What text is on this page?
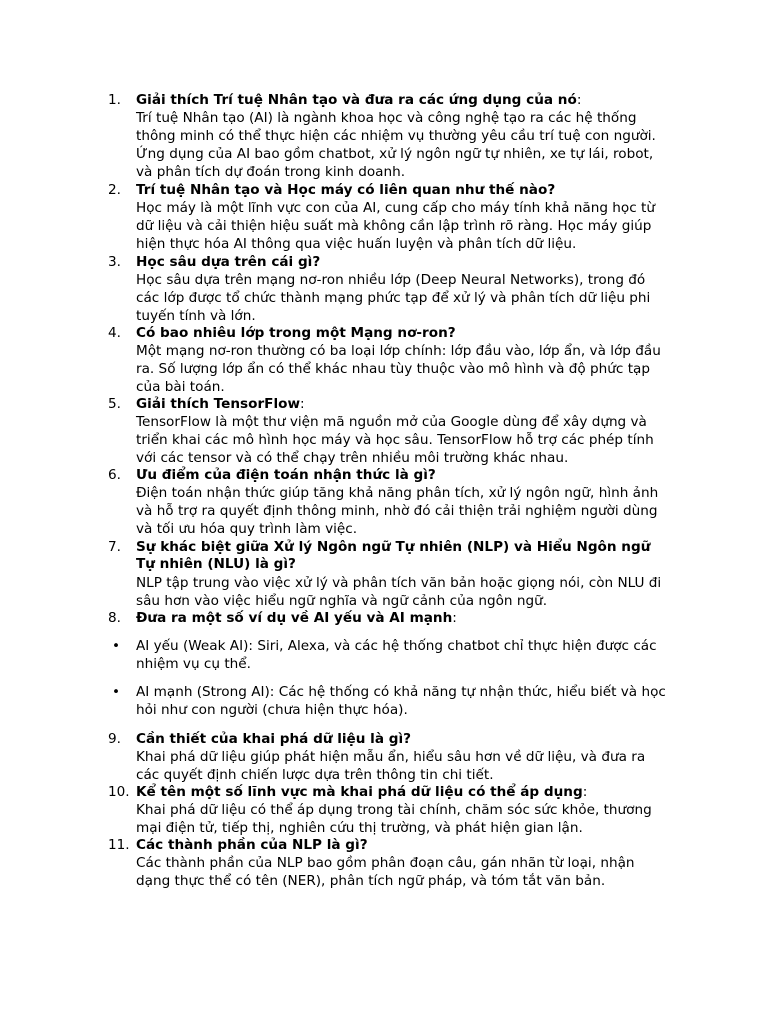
1.	Giải thích Trí tuệ Nhân tạo và đưa ra các ứng dụng của nó:
Trí tuệ Nhân tạo (AI) là ngành khoa học và công nghệ tạo ra các hệ thống
thông minh có thể thực hiện các nhiệm vụ thường yêu cầu trí tuệ con người.
Ứng dụng của AI bao gồm chatbot, xử lý ngôn ngữ tự nhiên, xe tự lái, robot,
và phân tích dự đoán trong kinh doanh.
2.	Trí tuệ Nhân tạo và Học máy có liên quan như thế nào?
Học máy là một lĩnh vực con của AI, cung cấp cho máy tính khả năng học từ
dữ liệu và cải thiện hiệu suất mà không cần lập trình rõ ràng. Học máy giúp
hiện thực hóa AI thông qua việc huấn luyện và phân tích dữ liệu.
3.	Học sâu dựa trên cái gì?
Học sâu dựa trên mạng nơ-ron nhiều lớp (Deep Neural Networks), trong đó
các lớp được tổ chức thành mạng phức tạp để xử lý và phân tích dữ liệu phi
tuyến tính và lớn.
4.	Có bao nhiêu lớp trong một Mạng nơ-ron?
Một mạng nơ-ron thường có ba loại lớp chính: lớp đầu vào, lớp ẩn, và lớp đầu
ra. Số lượng lớp ẩn có thể khác nhau tùy thuộc vào mô hình và độ phức tạp
của bài toán.
5.	Giải thích TensorFlow:
TensorFlow là một thư viện mã nguồn mở của Google dùng để xây dựng và
triển khai các mô hình học máy và học sâu. TensorFlow hỗ trợ các phép tính
với các tensor và có thể chạy trên nhiều môi trường khác nhau.
6.	Ưu điểm của điện toán nhận thức là gì?
Điện toán nhận thức giúp tăng khả năng phân tích, xử lý ngôn ngữ, hình ảnh
và hỗ trợ ra quyết định thông minh, nhờ đó cải thiện trải nghiệm người dùng
và tối ưu hóa quy trình làm việc.
7.	Sự khác biệt giữa Xử lý Ngôn ngữ Tự nhiên (NLP) và Hiểu Ngôn ngữ
Tự nhiên (NLU) là gì?
NLP tập trung vào việc xử lý và phân tích văn bản hoặc giọng nói, còn NLU đi
sâu hơn vào việc hiểu ngữ nghĩa và ngữ cảnh của ngôn ngữ.
8.	Đưa ra một số ví dụ về AI yếu và AI mạnh:
• AI yếu (Weak AI): Siri, Alexa, và các hệ thống chatbot chỉ thực hiện được các
nhiệm vụ cụ thể.
• AI mạnh (Strong AI): Các hệ thống có khả năng tự nhận thức, hiểu biết và học
hỏi như con người (chưa hiện thực hóa).
9.	Cần thiết của khai phá dữ liệu là gì?
Khai phá dữ liệu giúp phát hiện mẫu ẩn, hiểu sâu hơn về dữ liệu, và đưa ra
các quyết định chiến lược dựa trên thông tin chi tiết.
10. Kể tên một số lĩnh vực mà khai phá dữ liệu có thể áp dụng:
Khai phá dữ liệu có thể áp dụng trong tài chính, chăm sóc sức khỏe, thương
mại điện tử, tiếp thị, nghiên cứu thị trường, và phát hiện gian lận.
11. Các thành phần của NLP là gì?
Các thành phần của NLP bao gồm phân đoạn câu, gán nhãn từ loại, nhận
dạng thực thể có tên (NER), phân tích ngữ pháp, và tóm tắt văn bản.
